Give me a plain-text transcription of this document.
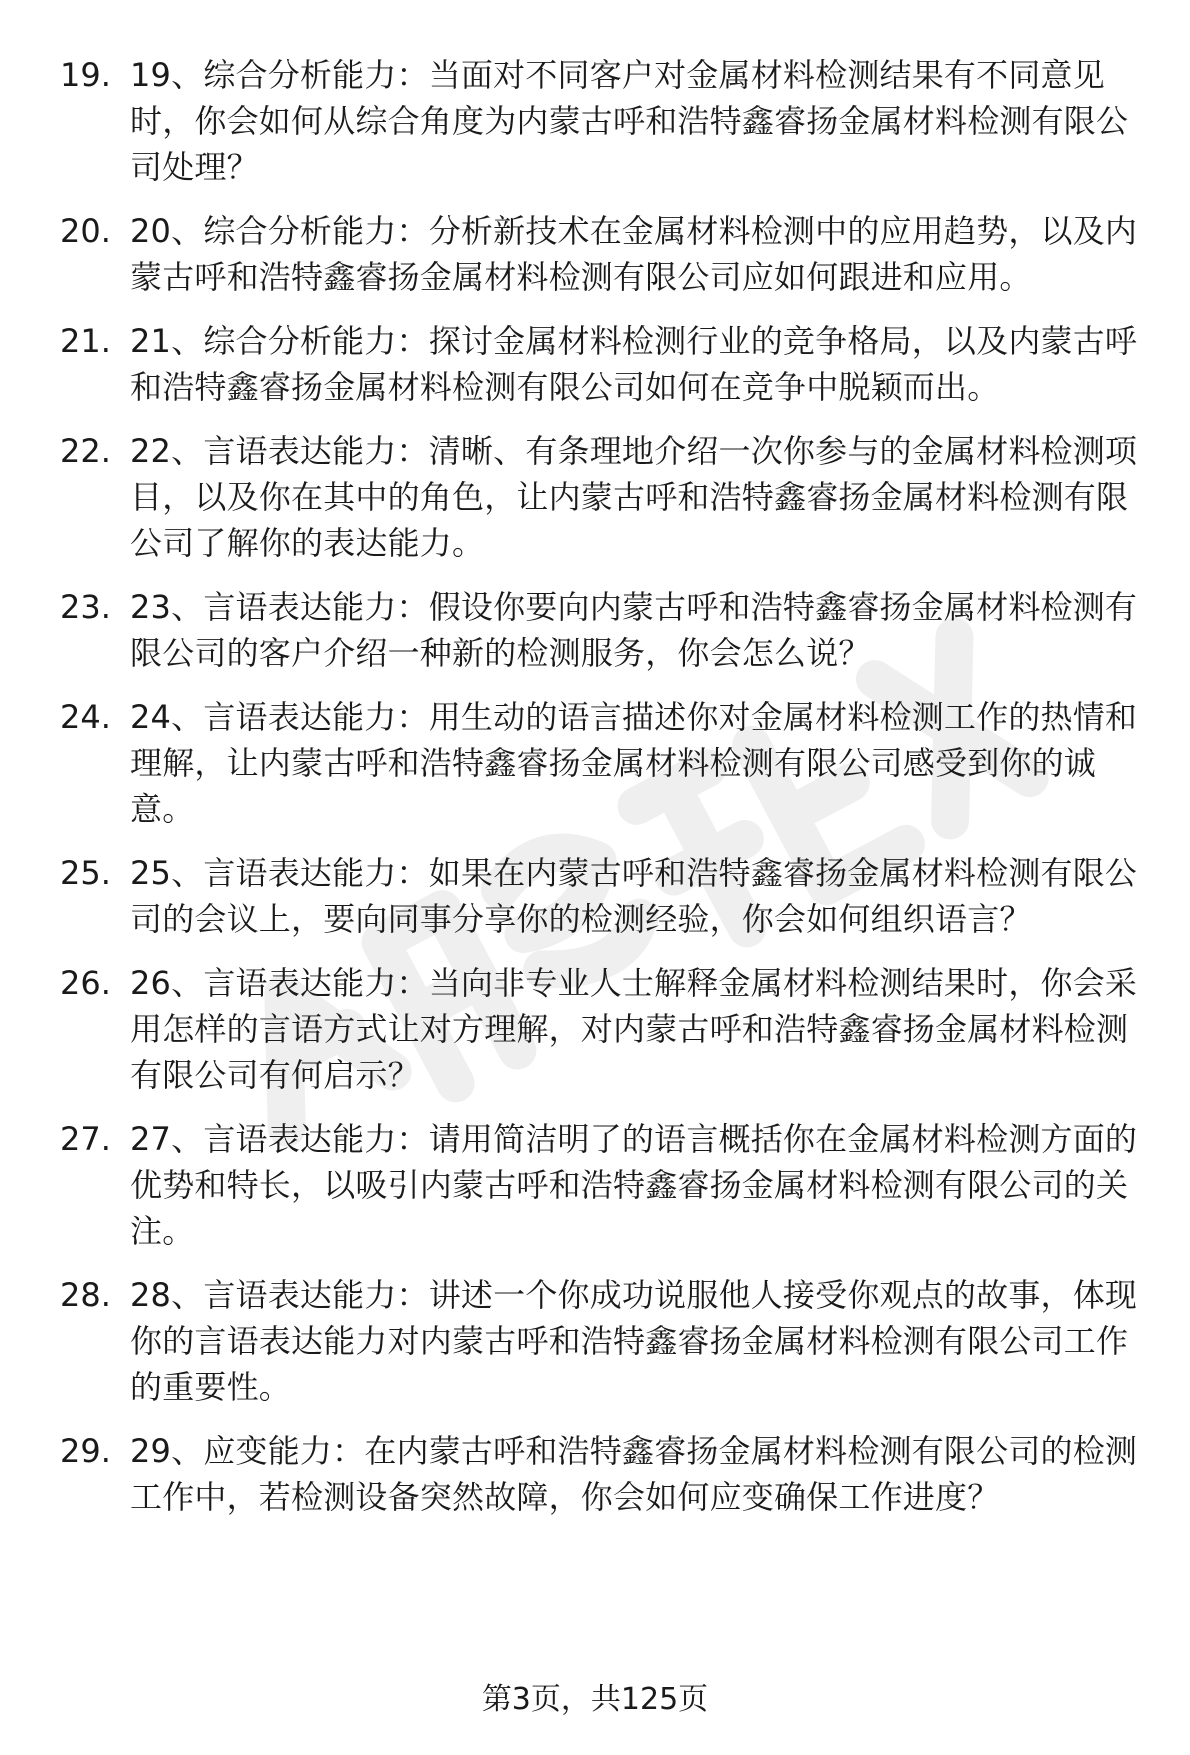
19. 19、综合分析能力：当面对不同客户对金属材料检测结果有不同意见时，你会如何从综合角度为内蒙古呼和浩特鑫睿扬金属材料检测有限公司处理？
20. 20、综合分析能力：分析新技术在金属材料检测中的应用趋势，以及内蒙古呼和浩特鑫睿扬金属材料检测有限公司应如何跟进和应用。
21. 21、综合分析能力：探讨金属材料检测行业的竞争格局，以及内蒙古呼和浩特鑫睿扬金属材料检测有限公司如何在竞争中脱颖而出。
22. 22、言语表达能力：清晰、有条理地介绍一次你参与的金属材料检测项目，以及你在其中的角色，让内蒙古呼和浩特鑫睿扬金属材料检测有限公司了解你的表达能力。
23. 23、言语表达能力：假设你要向内蒙古呼和浩特鑫睿扬金属材料检测有限公司的客户介绍一种新的检测服务，你会怎么说？
24. 24、言语表达能力：用生动的语言描述你对金属材料检测工作的热情和理解，让内蒙古呼和浩特鑫睿扬金属材料检测有限公司感受到你的诚意。
25. 25、言语表达能力：如果在内蒙古呼和浩特鑫睿扬金属材料检测有限公司的会议上，要向同事分享你的检测经验，你会如何组织语言？
26. 26、言语表达能力：当向非专业人士解释金属材料检测结果时，你会采用怎样的言语方式让对方理解，对内蒙古呼和浩特鑫睿扬金属材料检测有限公司有何启示？
27. 27、言语表达能力：请用简洁明了的语言概括你在金属材料检测方面的优势和特长，以吸引内蒙古呼和浩特鑫睿扬金属材料检测有限公司的关注。
28. 28、言语表达能力：讲述一个你成功说服他人接受你观点的故事，体现你的言语表达能力对内蒙古呼和浩特鑫睿扬金属材料检测有限公司工作的重要性。
29. 29、应变能力：在内蒙古呼和浩特鑫睿扬金属材料检测有限公司的检测工作中，若检测设备突然故障，你会如何应变确保工作进度？
第3页，共125页
